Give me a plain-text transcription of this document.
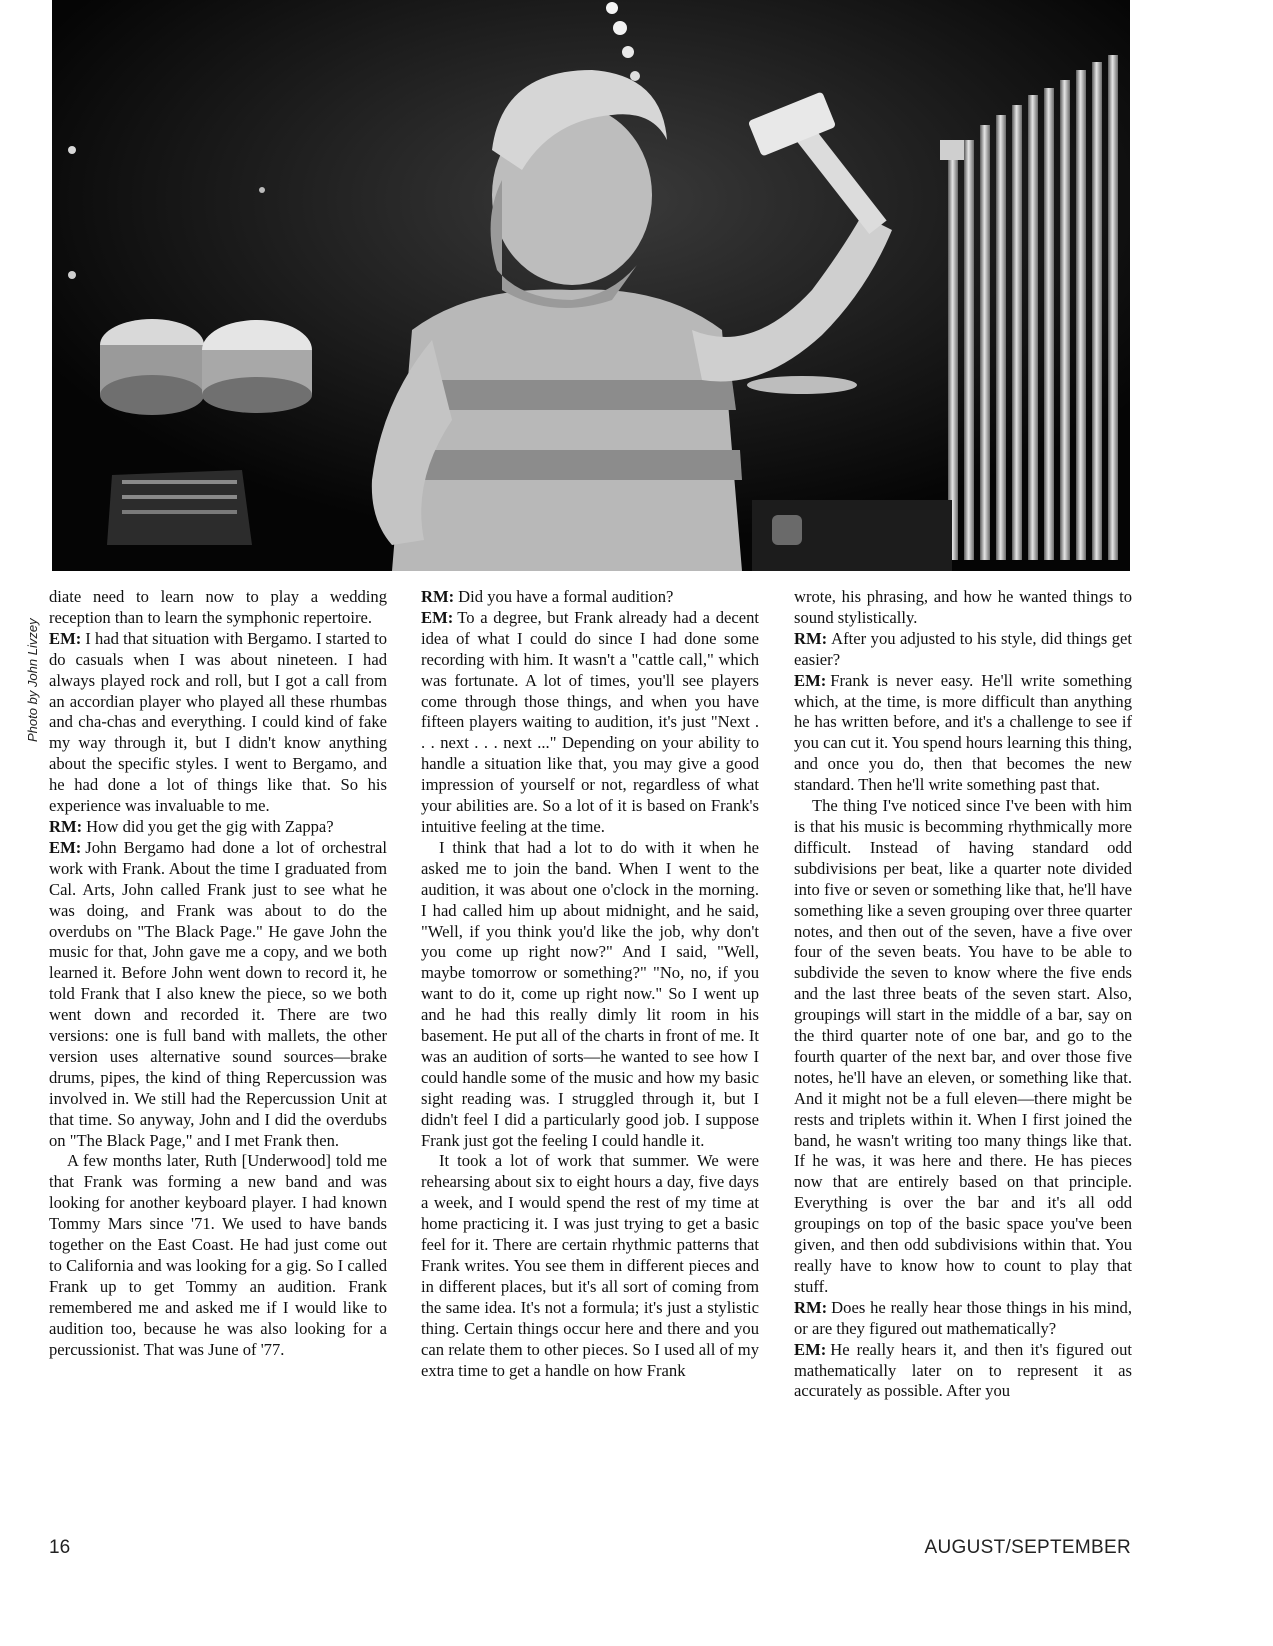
Photo by John Livzey

diate need to learn now to play a wedding reception than to learn the symphonic repertoire.

EM: I had that situation with Bergamo. I started to do casuals when I was about nineteen. I had always played rock and roll, but I got a call from an accordian player who played all these rhumbas and cha-chas and everything. I could kind of fake my way through it, but I didn't know anything about the specific styles. I went to Bergamo, and he had done a lot of things like that. So his experience was invaluable to me.

RM: How did you get the gig with Zappa?

EM: John Bergamo had done a lot of orchestral work with Frank. About the time I graduated from Cal. Arts, John called Frank just to see what he was doing, and Frank was about to do the overdubs on "The Black Page." He gave John the music for that, John gave me a copy, and we both learned it. Before John went down to record it, he told Frank that I also knew the piece, so we both went down and recorded it. There are two versions: one is full band with mallets, the other version uses alternative sound sources—brake drums, pipes, the kind of thing Repercussion was involved in. We still had the Repercussion Unit at that time. So anyway, John and I did the overdubs on "The Black Page," and I met Frank then.

A few months later, Ruth [Underwood] told me that Frank was forming a new band and was looking for another keyboard player. I had known Tommy Mars since '71. We used to have bands together on the East Coast. He had just come out to California and was looking for a gig. So I called Frank up to get Tommy an audition. Frank remembered me and asked me if I would like to audition too, because he was also looking for a percussionist. That was June of '77.

RM: Did you have a formal audition?

EM: To a degree, but Frank already had a decent idea of what I could do since I had done some recording with him. It wasn't a "cattle call," which was fortunate. A lot of times, you'll see players come through those things, and when you have fifteen players waiting to audition, it's just "Next . . . next . . . next ..." Depending on your ability to handle a situation like that, you may give a good impression of yourself or not, regardless of what your abilities are. So a lot of it is based on Frank's intuitive feeling at the time.

I think that had a lot to do with it when he asked me to join the band. When I went to the audition, it was about one o'clock in the morning. I had called him up about midnight, and he said, "Well, if you think you'd like the job, why don't you come up right now?" And I said, "Well, maybe tomorrow or something?" "No, no, if you want to do it, come up right now." So I went up and he had this really dimly lit room in his basement. He put all of the charts in front of me. It was an audition of sorts—he wanted to see how I could handle some of the music and how my basic sight reading was. I struggled through it, but I didn't feel I did a particularly good job. I suppose Frank just got the feeling I could handle it.

It took a lot of work that summer. We were rehearsing about six to eight hours a day, five days a week, and I would spend the rest of my time at home practicing it. I was just trying to get a basic feel for it. There are certain rhythmic patterns that Frank writes. You see them in different pieces and in different places, but it's all sort of coming from the same idea. It's not a formula; it's just a stylistic thing. Certain things occur here and there and you can relate them to other pieces. So I used all of my extra time to get a handle on how Frank

wrote, his phrasing, and how he wanted things to sound stylistically.

RM: After you adjusted to his style, did things get easier?

EM: Frank is never easy. He'll write something which, at the time, is more difficult than anything he has written before, and it's a challenge to see if you can cut it. You spend hours learning this thing, and once you do, then that becomes the new standard. Then he'll write something past that.

The thing I've noticed since I've been with him is that his music is becomming rhythmically more difficult. Instead of having standard odd subdivisions per beat, like a quarter note divided into five or seven or something like that, he'll have something like a seven grouping over three quarter notes, and then out of the seven, have a five over four of the seven beats. You have to be able to subdivide the seven to know where the five ends and the last three beats of the seven start. Also, groupings will start in the middle of a bar, say on the third quarter note of one bar, and go to the fourth quarter of the next bar, and over those five notes, he'll have an eleven, or something like that. And it might not be a full eleven—there might be rests and triplets within it. When I first joined the band, he wasn't writing too many things like that. If he was, it was here and there. He has pieces now that are entirely based on that principle. Everything is over the bar and it's all odd groupings on top of the basic space you've been given, and then odd subdivisions within that. You really have to know how to count to play that stuff.

RM: Does he really hear those things in his mind, or are they figured out mathematically?

EM: He really hears it, and then it's figured out mathematically later on to represent it as accurately as possible. After you

16	AUGUST/SEPTEMBER
